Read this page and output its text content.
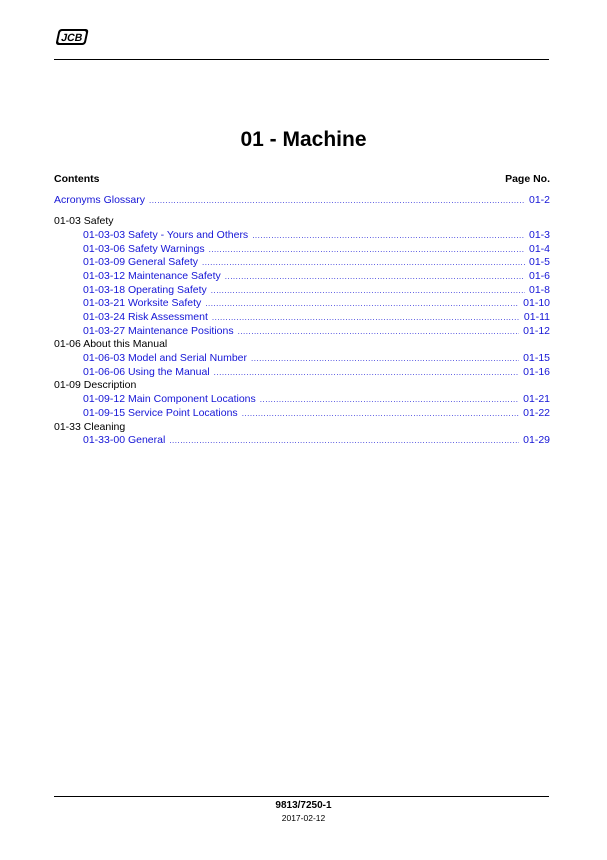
JCB
01 - Machine
Contents	Page No.
Acronyms Glossary .....	01-2
01-03 Safety
01-03-03 Safety - Yours and Others .....	01-3
01-03-06 Safety Warnings .....	01-4
01-03-09 General Safety .....	01-5
01-03-12 Maintenance Safety .....	01-6
01-03-18 Operating Safety .....	01-8
01-03-21 Worksite Safety .....	01-10
01-03-24 Risk Assessment .....	01-11
01-03-27 Maintenance Positions .....	01-12
01-06 About this Manual
01-06-03 Model and Serial Number .....	01-15
01-06-06 Using the Manual .....	01-16
01-09 Description
01-09-12 Main Component Locations .....	01-21
01-09-15 Service Point Locations .....	01-22
01-33 Cleaning
01-33-00 General .....	01-29
9813/7250-1
2017-02-12
